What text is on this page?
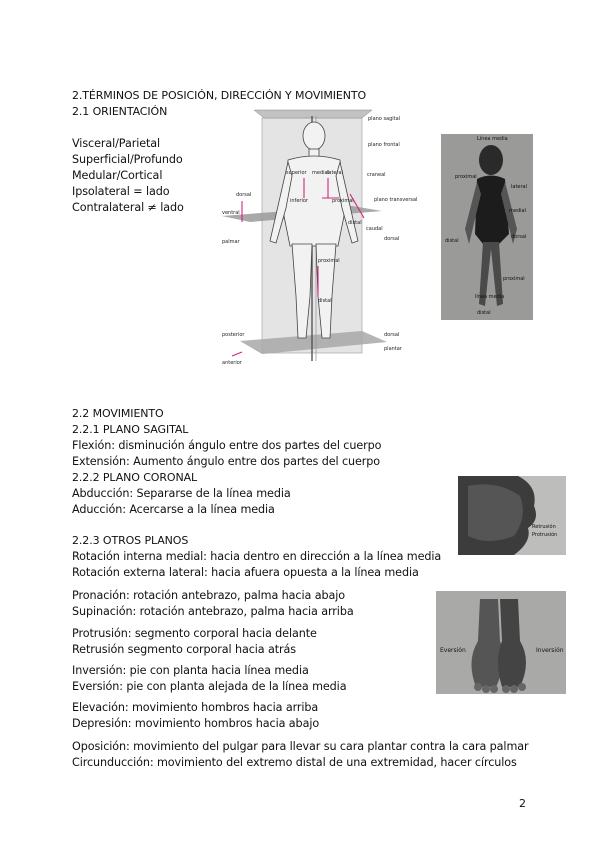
2.TÉRMINOS DE POSICIÓN, DIRECCIÓN Y MOVIMIENTO
2.1 ORIENTACIÓN
Visceral/Parietal
Superficial/Profundo
Medular/Cortical
Ipsolateral = lado
Contralateral ≠ lado
plano sagital
plano frontal
craneal
superior medial
lateral
dorsal
ventral
inferior	proximal	plano transversal
caudal
dorsal
distal
palmar
proximal
distal
posterior	dorsal
anterior
plantar
Línea media
proximal
lateral
distal
medial
dorsal
proximal
línea media
distal
2.2 MOVIMIENTO
2.2.1 PLANO SAGITAL
Flexión: disminución ángulo entre dos partes del cuerpo
Extensión: Aumento ángulo entre dos partes del cuerpo
2.2.2 PLANO CORONAL
Abducción: Separarse de la línea media
Aducción: Acercarse a la línea media
2.2.3 OTROS PLANOS
Rotación interna medial: hacia dentro en dirección a la línea media
Rotación externa lateral: hacia afuera opuesta a la línea media
Pronación: rotación antebrazo, palma hacia abajo
Supinación: rotación antebrazo, palma hacia arriba
Protrusión: segmento corporal hacia delante
Retrusión segmento corporal hacia atrás
Inversión: pie con planta hacia línea media
Eversión: pie con planta alejada de la línea media
Elevación: movimiento hombros hacia arriba
Depresión: movimiento hombros hacia abajo
Oposición: movimiento del pulgar para llevar su cara plantar contra la cara palmar
Circunducción: movimiento del extremo distal de una extremidad, hacer círculos
Retrusión
Protrusión
Eversión	Inversión
2
